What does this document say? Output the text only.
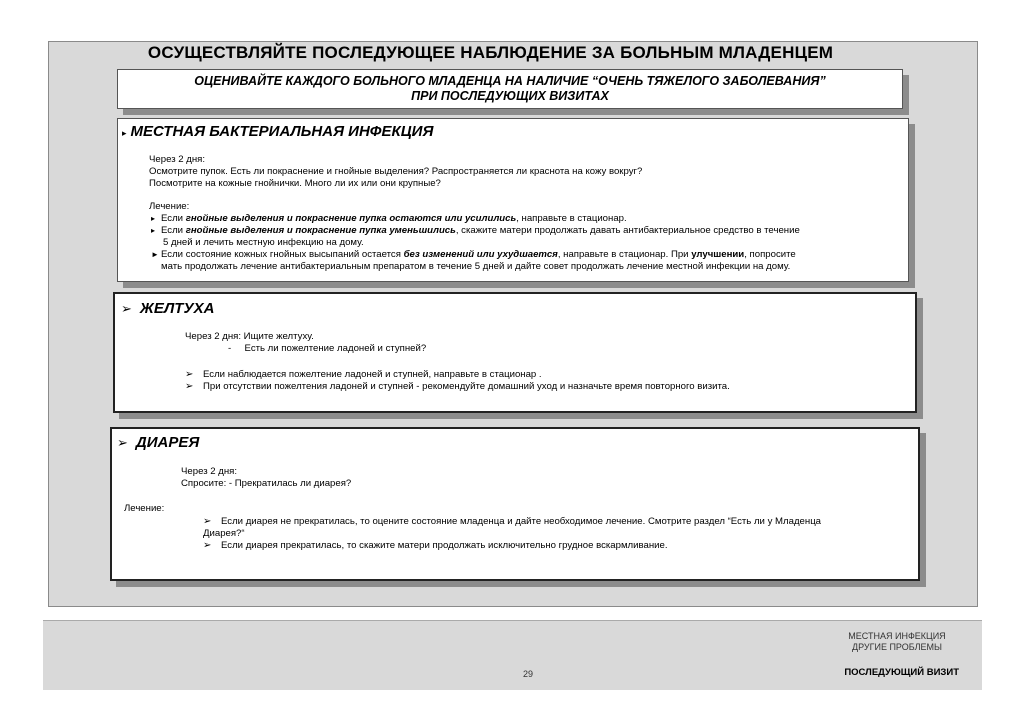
ОСУЩЕСТВЛЯЙТЕ ПОСЛЕДУЮЩЕЕ НАБЛЮДЕНИЕ ЗА БОЛЬНЫМ МЛАДЕНЦЕМ
ОЦЕНИВАЙТЕ КАЖДОГО БОЛЬНОГО МЛАДЕНЦА НА НАЛИЧИЕ “ОЧЕНЬ ТЯЖЕЛОГО ЗАБОЛЕВАНИЯ”
ПРИ ПОСЛЕДУЮЩИХ ВИЗИТАХ
▸ МЕСТНАЯ БАКТЕРИАЛЬНАЯ ИНФЕКЦИЯ
Через 2 дня:
Осмотрите пупок. Есть ли покраснение и гнойные выделения? Распространяется ли краснота на кожу вокруг?
Посмотрите на кожные гнойнички. Много ли их или они крупные?
Лечение:
▸ Если гнойные выделения и покраснение пупка остаются или усилились, направьте в стационар.
▸ Если гнойные выделения и покраснение пупка уменьшились, скажите матери продолжать давать антибактериальное средство в течение
5 дней и лечить местную инфекцию на дому.
► Если состояние кожных гнойных высыпаний остается без изменений или ухудшается, направьте в стационар. При улучшении, попросите
мать продолжать лечение антибактериальным препаратом в течение 5 дней и дайте совет продолжать лечение местной инфекции на дому.
➢ ЖЕЛТУХА
Через 2 дня: Ищите желтуху.
-     Есть ли пожелтение ладоней и ступней?
➢ Если наблюдается пожелтение ладоней и ступней, направьте в стационар .
➢ При отсутствии пожелтения ладоней и ступней - рекомендуйте домашний уход и назначьте время повторного визита.
➢ ДИАРЕЯ
Через 2 дня:
Спросите: - Прекратилась ли диарея?
Лечение:
➢ Если диарея не прекратилась, то оцените состояние младенца и дайте необходимое лечение. Смотрите раздел “Есть ли у Младенца
Диарея?“
➢ Если диарея прекратилась, то скажите матери продолжать исключительно грудное вскармливание.
МЕСТНАЯ ИНФЕКЦИЯ
ДРУГИЕ ПРОБЛЕМЫ
29	ПОСЛЕДУЮЩИЙ ВИЗИТ
